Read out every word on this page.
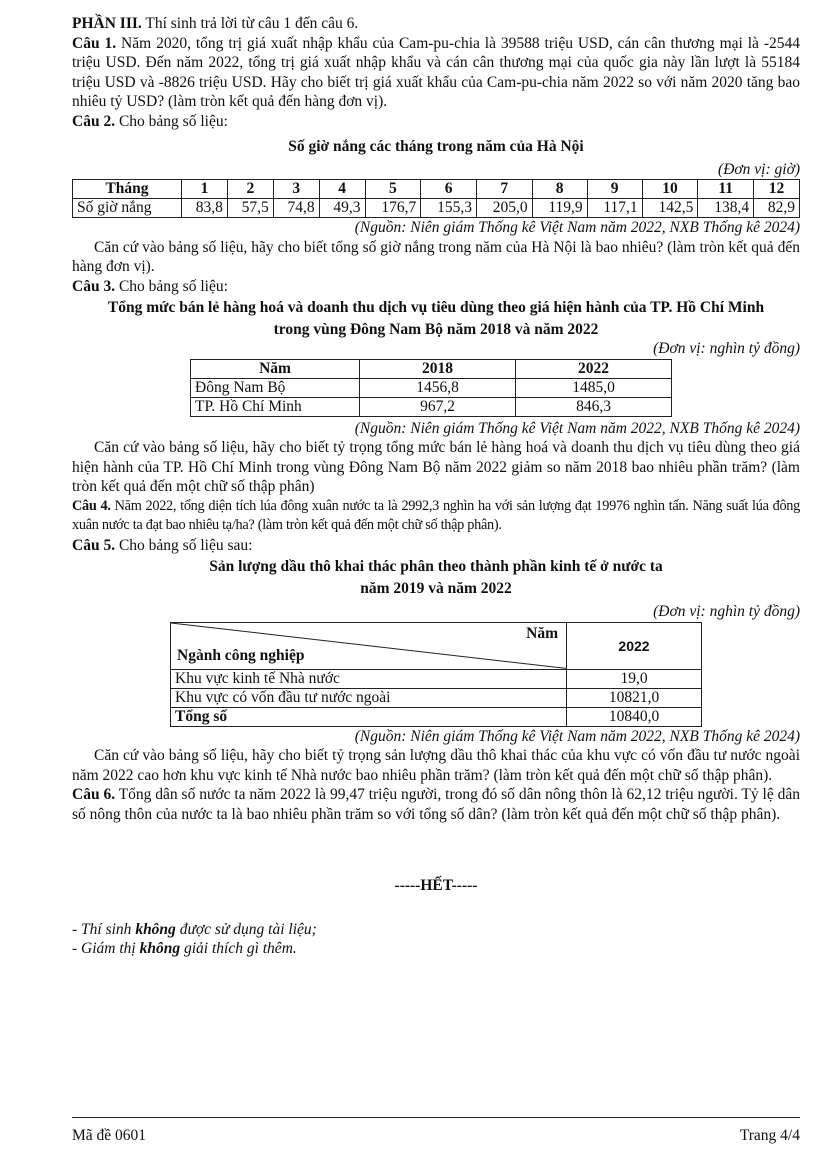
PHẦN III. Thí sinh trả lời từ câu 1 đến câu 6.

Câu 1. Năm 2020, tổng trị giá xuất nhập khẩu của Cam-pu-chia là 39588 triệu USD, cán cân thương mại là -2544 triệu USD. Đến năm 2022, tổng trị giá xuất nhập khẩu và cán cân thương mại của quốc gia này lần lượt là 55184 triệu USD và -8826 triệu USD. Hãy cho biết trị giá xuất khẩu của Cam-pu-chia năm 2022 so với năm 2020 tăng bao nhiêu tỷ USD? (làm tròn kết quả đến hàng đơn vị).

Câu 2. Cho bảng số liệu:

Số giờ nắng các tháng trong năm của Hà Nội

(Đơn vị: giờ)

Tháng	1	2	3	4	5	6	7	8	9	10	11	12
Số giờ nắng	83,8	57,5	74,8	49,3	176,7	155,3	205,0	119,9	117,1	142,5	138,4	82,9

(Nguồn: Niên giám Thống kê Việt Nam năm 2022, NXB Thống kê 2024)

Căn cứ vào bảng số liệu, hãy cho biết tổng số giờ nắng trong năm của Hà Nội là bao nhiêu? (làm tròn kết quả đến hàng đơn vị).

Câu 3. Cho bảng số liệu:

Tổng mức bán lẻ hàng hoá và doanh thu dịch vụ tiêu dùng theo giá hiện hành của TP. Hồ Chí Minh

trong vùng Đông Nam Bộ năm 2018 và năm 2022

(Đơn vị: nghìn tỷ đồng)

Năm	2018	2022
Đông Nam Bộ	1456,8	1485,0
TP. Hồ Chí Minh	967,2	846,3

(Nguồn: Niên giám Thống kê Việt Nam năm 2022, NXB Thống kê 2024)

Căn cứ vào bảng số liệu, hãy cho biết tỷ trọng tổng mức bán lẻ hàng hoá và doanh thu dịch vụ tiêu dùng theo giá hiện hành của TP. Hồ Chí Minh trong vùng Đông Nam Bộ năm 2022 giảm so năm 2018 bao nhiêu phần trăm? (làm tròn kết quả đến một chữ số thập phân)

Câu 4. Năm 2022, tổng diện tích lúa đông xuân nước ta là 2992,3 nghìn ha với sản lượng đạt 19976 nghìn tấn. Năng suất lúa đông xuân nước ta đạt bao nhiêu tạ/ha? (làm tròn kết quả đến một chữ số thập phân).

Câu 5. Cho bảng số liệu sau:

Sản lượng dầu thô khai thác phân theo thành phần kinh tế ở nước ta

năm 2019 và năm 2022

(Đơn vị: nghìn tỷ đồng)

Năm
Ngành công nghiệp	2022
Khu vực kinh tế Nhà nước	19,0
Khu vực có vốn đầu tư nước ngoài	10821,0
Tổng số	10840,0

(Nguồn: Niên giám Thống kê Việt Nam năm 2022, NXB Thống kê 2024)

Căn cứ vào bảng số liệu, hãy cho biết tỷ trọng sản lượng dầu thô khai thác của khu vực có vốn đầu tư nước ngoài năm 2022 cao hơn khu vực kinh tế Nhà nước bao nhiêu phần trăm? (làm tròn kết quả đến một chữ số thập phân).

Câu 6. Tổng dân số nước ta năm 2022 là 99,47 triệu người, trong đó số dân nông thôn là 62,12 triệu người. Tỷ lệ dân số nông thôn của nước ta là bao nhiêu phần trăm so với tổng số dân? (làm tròn kết quả đến một chữ số thập phân).

-----HẾT-----

- Thí sinh không được sử dụng tài liệu;

- Giám thị không giải thích gì thêm.

Mã đề 0601	Trang 4/4
